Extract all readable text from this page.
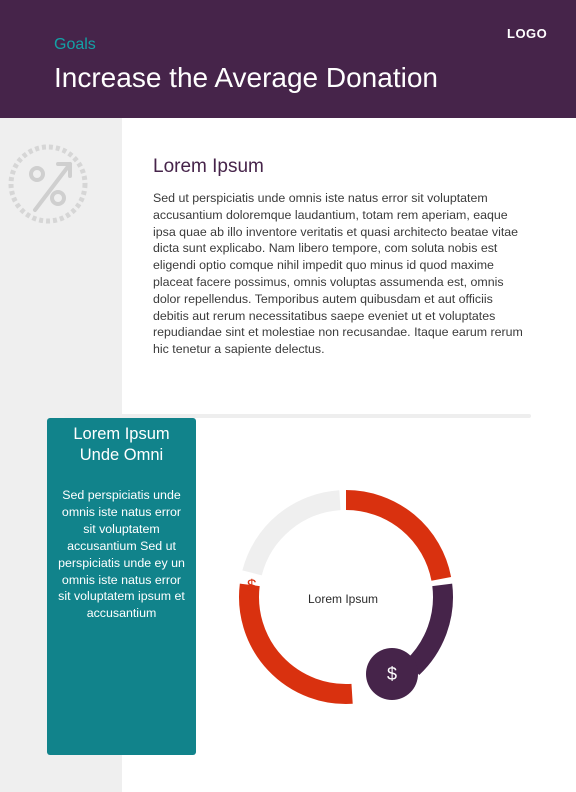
Goals
Increase the Average Donation
LOGO
Lorem Ipsum
Sed ut perspiciatis unde omnis iste natus error sit voluptatem accusantium doloremque laudantium, totam rem aperiam, eaque ipsa quae ab illo inventore veritatis et quasi architecto beatae vitae dicta sunt explicabo. Nam libero tempore, com soluta nobis est eligendi optio comque nihil impedit quo minus id quod maxime placeat facere possimus, omnis voluptas assumenda est, omnis dolor repellendus. Temporibus autem quibusdam et aut officiis debitis aut rerum necessitatibus saepe eveniet ut et voluptates repudiandae sint et molestiae non recusandae. Itaque earum rerum hic tenetur a sapiente delectus.
Lorem Ipsum
Unde Omni
Sed perspiciatis unde omnis iste natus error sit voluptatem accusantium Sed ut perspiciatis unde ey un omnis iste natus error sit voluptatem ipsum et accusantium
$
Lorem Ipsum
$
